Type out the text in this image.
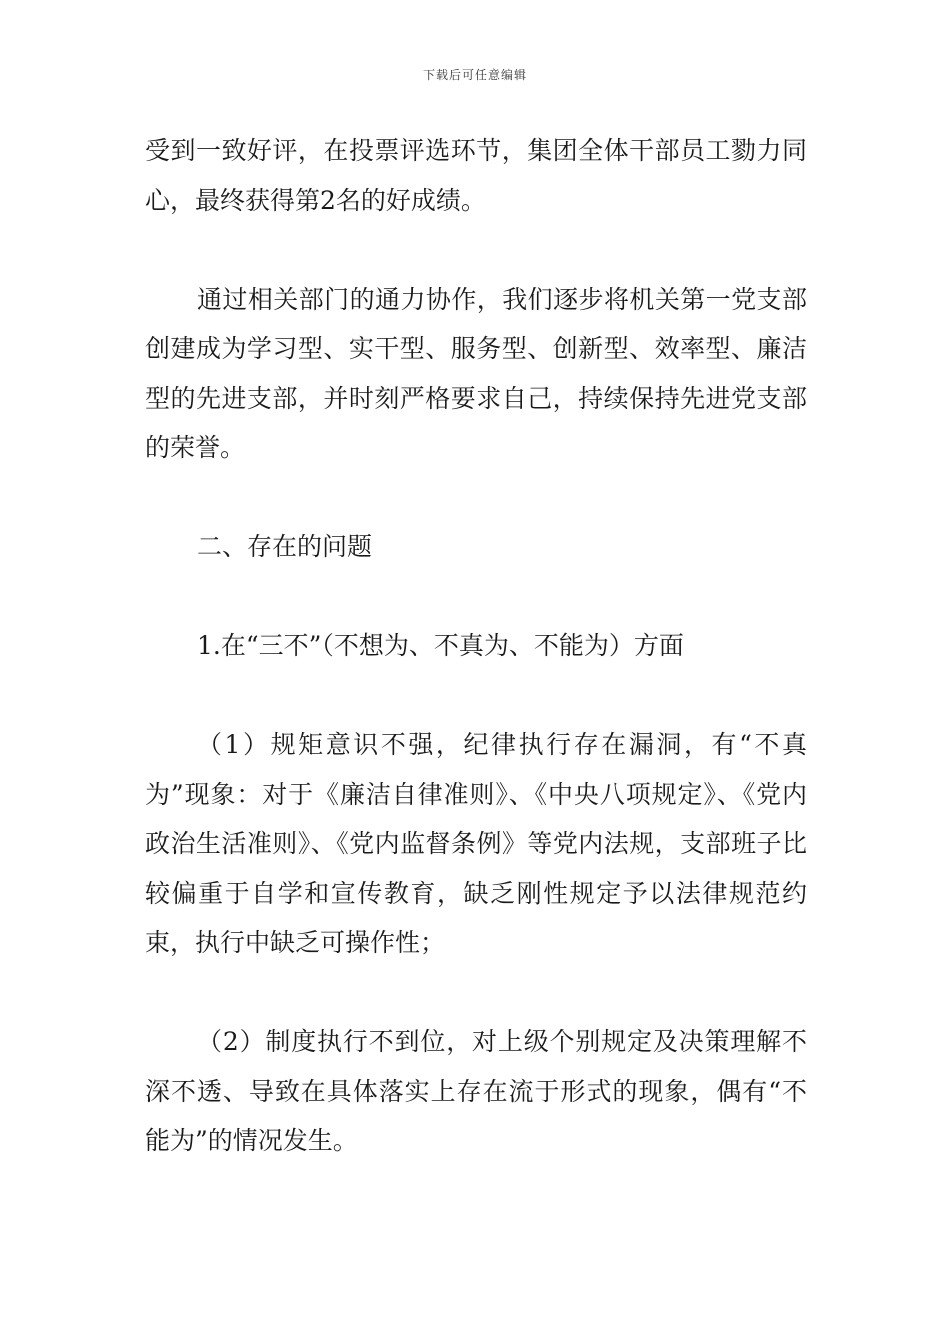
下载后可任意编辑

受到一致好评，在投票评选环节，集团全体干部员工勠力同心，最终获得第2名的好成绩。

通过相关部门的通力协作，我们逐步将机关第一党支部创建成为学习型、实干型、服务型、创新型、效率型、廉洁型的先进支部，并时刻严格要求自己，持续保持先进党支部的荣誉。

二、存在的问题

1.在“三不”（不想为、不真为、不能为）方面

（1）规矩意识不强，纪律执行存在漏洞，有“不真为”现象：对于《廉洁自律准则》、《中央八项规定》、《党内政治生活准则》、《党内监督条例》等党内法规，支部班子比较偏重于自学和宣传教育，缺乏刚性规定予以法律规范约束，执行中缺乏可操作性；

（2）制度执行不到位，对上级个别规定及决策理解不深不透、导致在具体落实上存在流于形式的现象，偶有“不能为”的情况发生。
